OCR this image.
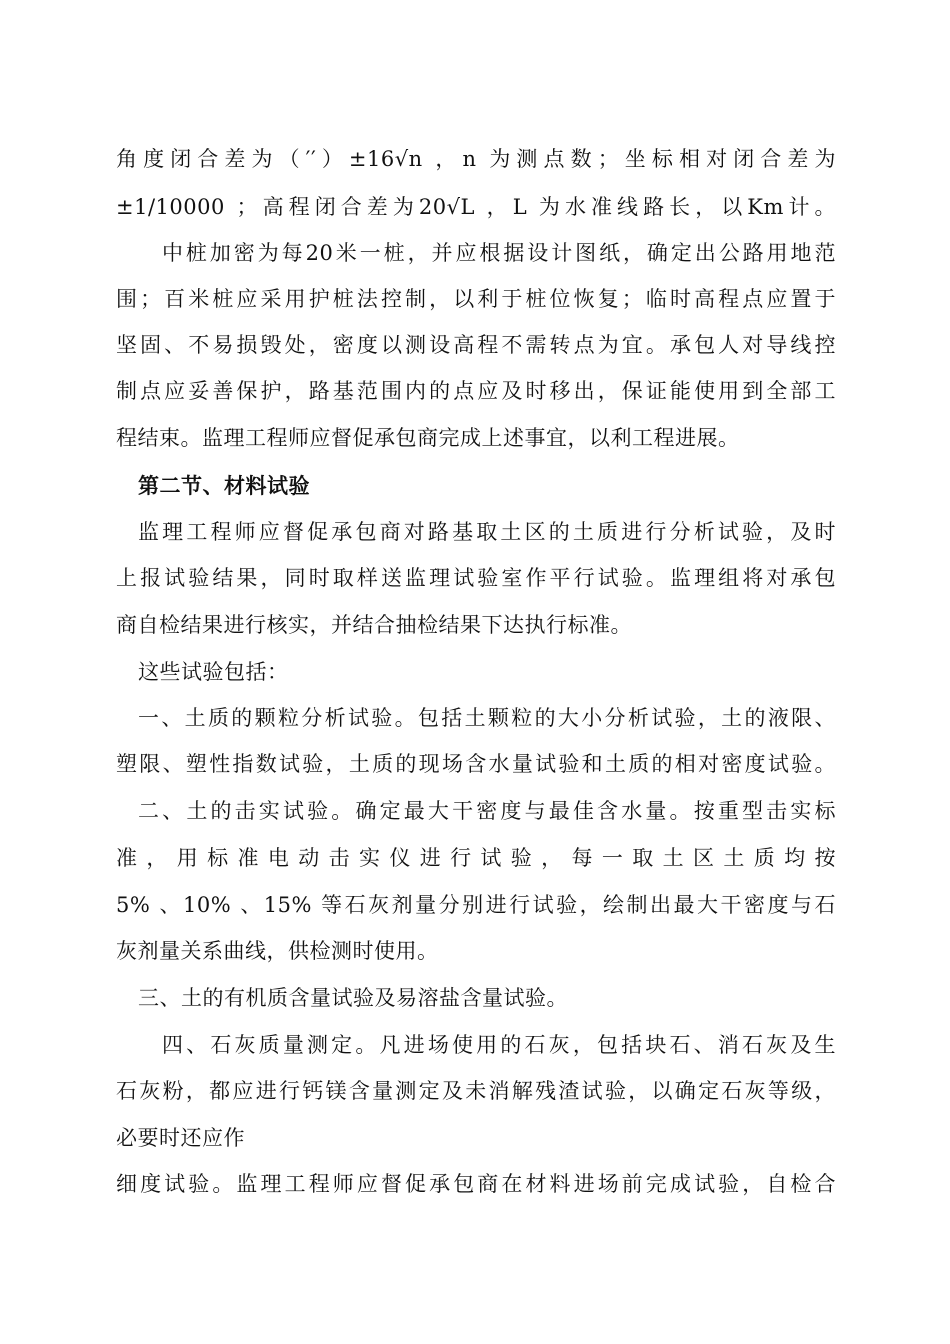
角度闭合差为（′′）±16√n ，n 为测点数；坐标相对闭合差为
±1/10000 ；高程闭合差为20√L ，L 为水准线路长，以Km计。
中桩加密为每20米一桩，并应根据设计图纸，确定出公路用地范
围；百米桩应采用护桩法控制，以利于桩位恢复；临时高程点应置于
坚固、不易损毁处，密度以测设高程不需转点为宜。承包人对导线控
制点应妥善保护，路基范围内的点应及时移出，保证能使用到全部工
程结束。监理工程师应督促承包商完成上述事宜，以利工程进展。
第二节、材料试验
监理工程师应督促承包商对路基取土区的土质进行分析试验，及时
上报试验结果，同时取样送监理试验室作平行试验。监理组将对承包
商自检结果进行核实，并结合抽检结果下达执行标准。
这些试验包括：
一、土质的颗粒分析试验。包括土颗粒的大小分析试验，土的液限、
塑限、塑性指数试验，土质的现场含水量试验和土质的相对密度试验。
二、土的击实试验。确定最大干密度与最佳含水量。按重型击实标
准，用标准电动击实仪进行试验，每一取土区土质均按
5% 、10% 、15% 等石灰剂量分别进行试验，绘制出最大干密度与石
灰剂量关系曲线，供检测时使用。
三、土的有机质含量试验及易溶盐含量试验。
四、石灰质量测定。凡进场使用的石灰，包括块石、消石灰及生
石灰粉，都应进行钙镁含量测定及未消解残渣试验，以确定石灰等级，
必要时还应作
细度试验。监理工程师应督促承包商在材料进场前完成试验，自检合
